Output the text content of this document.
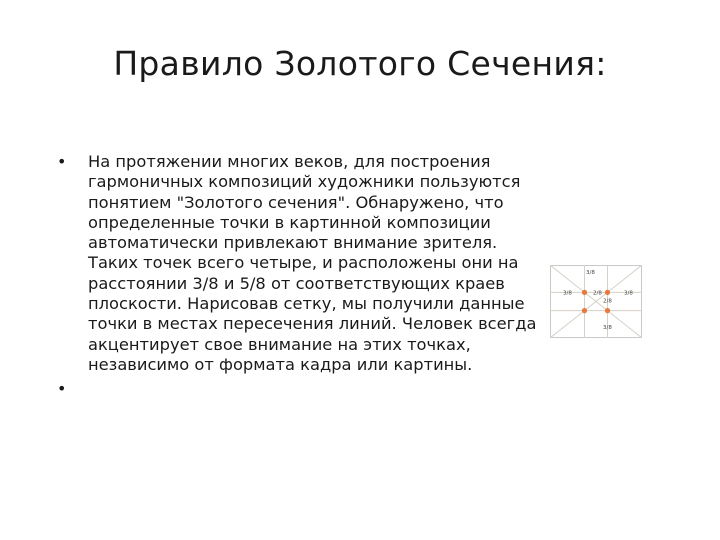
Правило Золотого Сечения:
• На протяжении многих веков, для построения гармоничных композиций художники пользуются понятием "Золотого сечения". Обнаружено, что определенные точки в картинной композиции автоматически привлекают внимание зрителя. Таких точек всего четыре, и расположены они на расстоянии 3/8 и 5/8 от соответствующих краев плоскости. Нарисовав сетку, мы получили данные точки в местах пересечения линий. Человек всегда акцентирует свое внимание на этих точках, независимо от формата кадра или картины.
•
3/8
3/8	2/8
2/8
3/8
3/8
